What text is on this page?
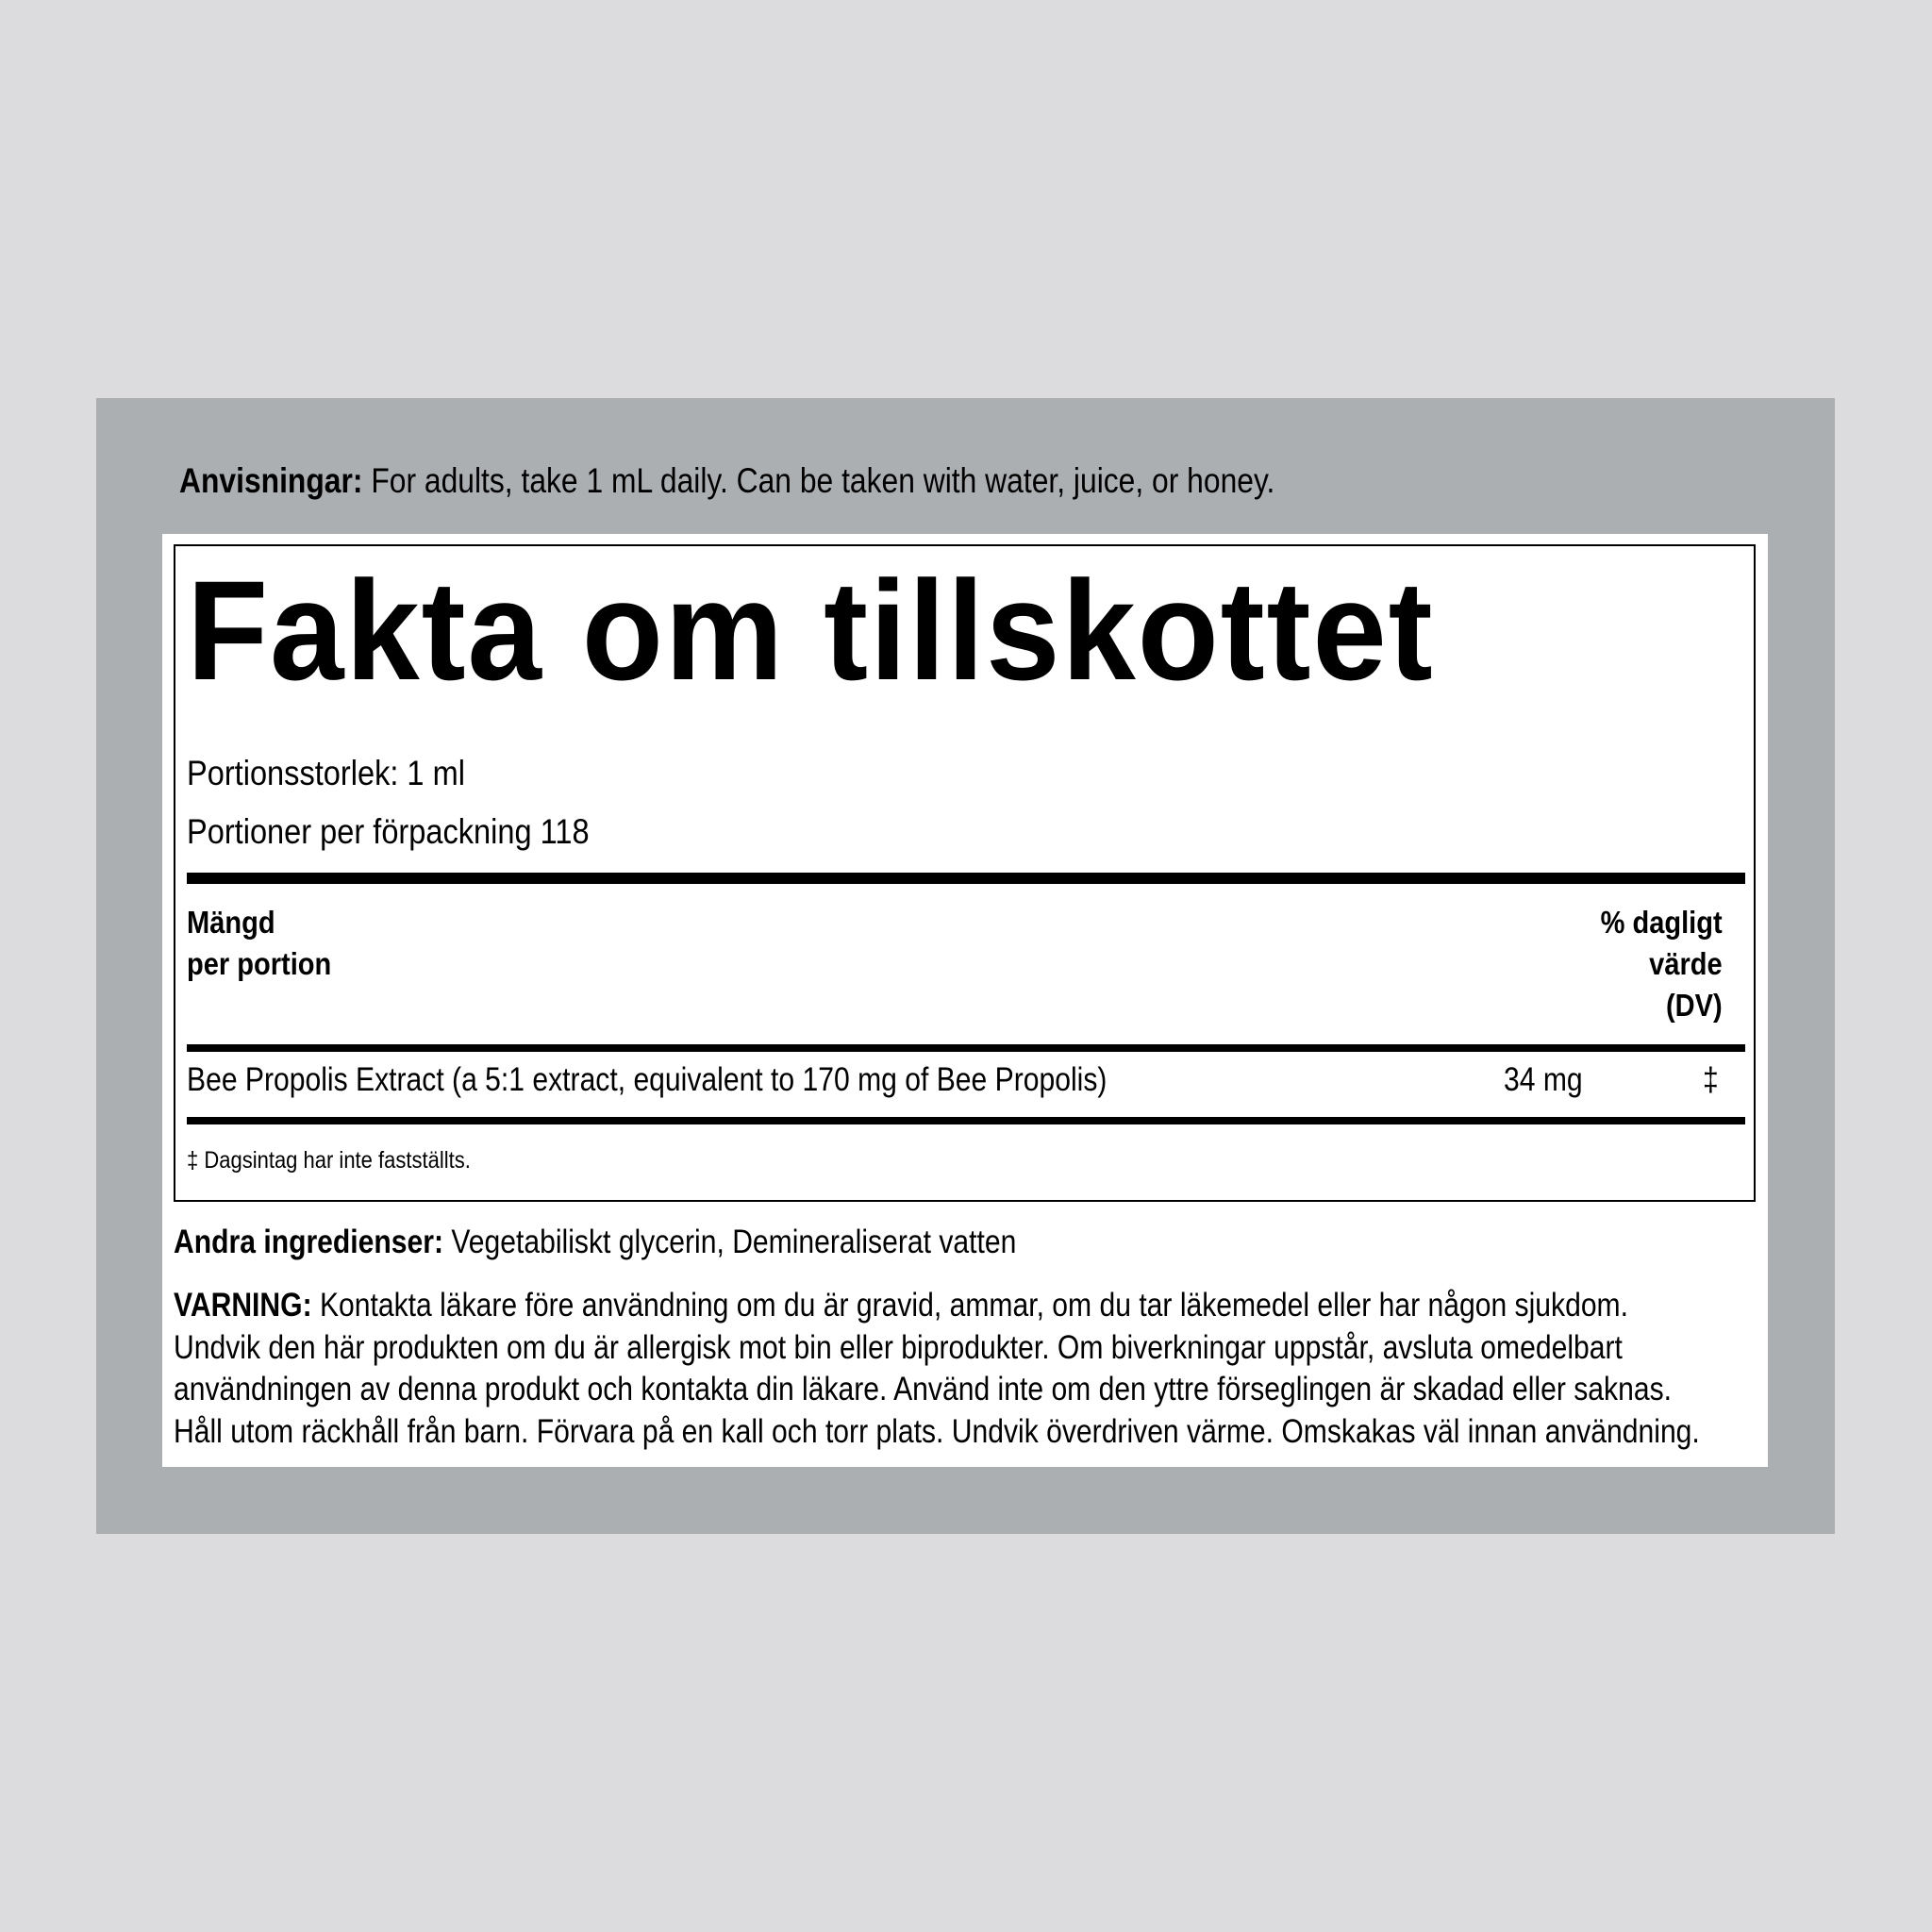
Anvisningar: For adults, take 1 mL daily. Can be taken with water, juice, or honey.
Fakta om tillskottet
Portionsstorlek: 1 ml
Portioner per förpackning 118
Mängd
per portion
% dagligt
värde
(DV)
Bee Propolis Extract (a 5:1 extract, equivalent to 170 mg of Bee Propolis)	34 mg	‡
‡ Dagsintag har inte fastställts.
Andra ingredienser: Vegetabiliskt glycerin, Demineraliserat vatten
VARNING: Kontakta läkare före användning om du är gravid, ammar, om du tar läkemedel eller har någon sjukdom.
Undvik den här produkten om du är allergisk mot bin eller biprodukter. Om biverkningar uppstår, avsluta omedelbart
användningen av denna produkt och kontakta din läkare. Använd inte om den yttre förseglingen är skadad eller saknas.
Håll utom räckhåll från barn. Förvara på en kall och torr plats. Undvik överdriven värme. Omskakas väl innan användning.
